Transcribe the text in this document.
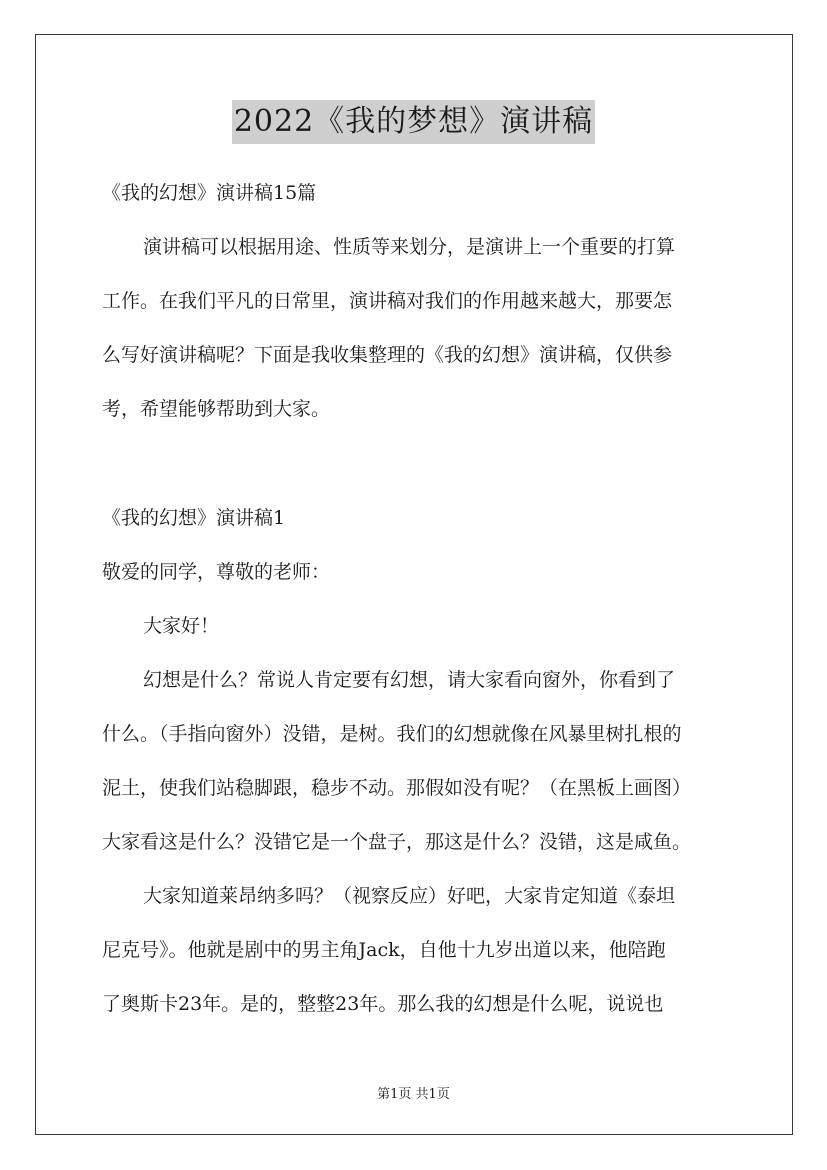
2022《我的梦想》演讲稿
《我的幻想》演讲稿15篇
演讲稿可以根据用途、性质等来划分，是演讲上一个重要的打算
工作。在我们平凡的日常里，演讲稿对我们的作用越来越大，那要怎
么写好演讲稿呢？下面是我收集整理的《我的幻想》演讲稿，仅供参
考，希望能够帮助到大家。
《我的幻想》演讲稿1
敬爱的同学，尊敬的老师：
大家好！
幻想是什么？常说人肯定要有幻想，请大家看向窗外，你看到了
什么。（手指向窗外）没错，是树。我们的幻想就像在风暴里树扎根的
泥土，使我们站稳脚跟，稳步不动。那假如没有呢？（在黑板上画图）
大家看这是什么？没错它是一个盘子，那这是什么？没错，这是咸鱼。
大家知道莱昂纳多吗？（视察反应）好吧，大家肯定知道《泰坦
尼克号》。他就是剧中的男主角Jack，自他十九岁出道以来，他陪跑
了奥斯卡23年。是的，整整23年。那么我的幻想是什么呢，说说也
第1页 共1页
